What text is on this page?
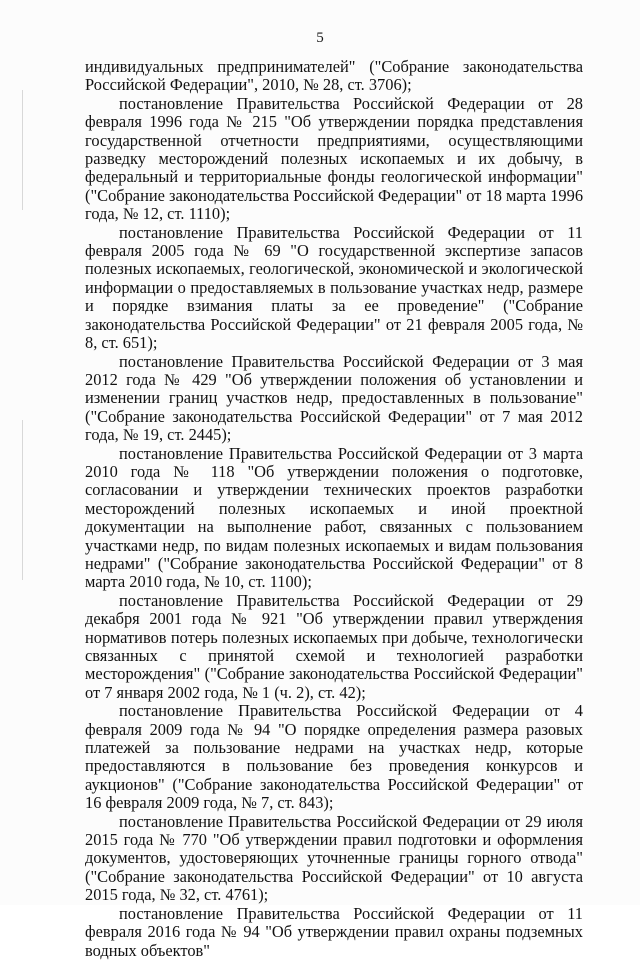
5

индивидуальных предпринимателей" ("Собрание законодательства Российской Федерации", 2010, № 28, ст. 3706);

постановление Правительства Российской Федерации от 28 февраля 1996 года № 215 "Об утверждении порядка представления государственной отчетности предприятиями, осуществляющими разведку месторождений полезных ископаемых и их добычу, в федеральный и территориальные фонды геологической информации" ("Собрание законодательства Российской Федерации" от 18 марта 1996 года, № 12, ст. 1110);

постановление Правительства Российской Федерации от 11 февраля 2005 года № 69 "О государственной экспертизе запасов полезных ископаемых, геологической, экономической и экологической информации о предоставляемых в пользование участках недр, размере и порядке взимания платы за ее проведение" ("Собрание законодательства Российской Федерации" от 21 февраля 2005 года, № 8, ст. 651);

постановление Правительства Российской Федерации от 3 мая 2012 года № 429 "Об утверждении положения об установлении и изменении границ участков недр, предоставленных в пользование" ("Собрание законодательства Российской Федерации" от 7 мая 2012 года, № 19, ст. 2445);

постановление Правительства Российской Федерации от 3 марта 2010 года № 118 "Об утверждении положения о подготовке, согласовании и утверждении технических проектов разработки месторождений полезных ископаемых и иной проектной документации на выполнение работ, связанных с пользованием участками недр, по видам полезных ископаемых и видам пользования недрами" ("Собрание законодательства Российской Федерации" от 8 марта 2010 года, № 10, ст. 1100);

постановление Правительства Российской Федерации от 29 декабря 2001 года № 921 "Об утверждении правил утверждения нормативов потерь полезных ископаемых при добыче, технологически связанных с принятой схемой и технологией разработки месторождения" ("Собрание законодательства Российской Федерации" от 7 января 2002 года, № 1 (ч. 2), ст. 42);

постановление Правительства Российской Федерации от 4 февраля 2009 года № 94 "О порядке определения размера разовых платежей за пользование недрами на участках недр, которые предоставляются в пользование без проведения конкурсов и аукционов" ("Собрание законодательства Российской Федерации" от 16 февраля 2009 года, № 7, ст. 843);

постановление Правительства Российской Федерации от 29 июля 2015 года № 770 "Об утверждении правил подготовки и оформления документов, удостоверяющих уточненные границы горного отвода" ("Собрание законодательства Российской Федерации" от 10 августа 2015 года, № 32, ст. 4761);

постановление Правительства Российской Федерации от 11 февраля 2016 года № 94 "Об утверждении правил охраны подземных водных объектов"
